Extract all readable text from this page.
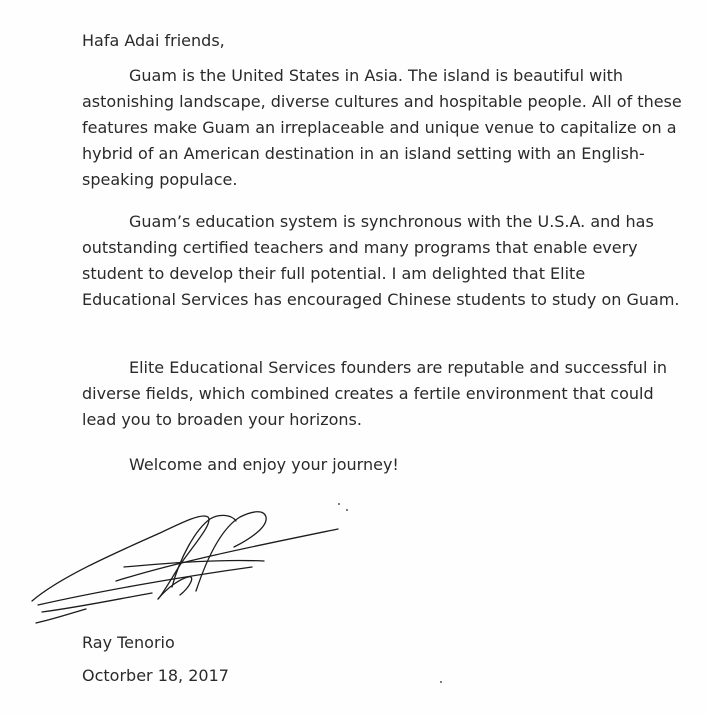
Hafa Adai friends,

Guam is the United States in Asia. The island is beautiful with astonishing landscape, diverse cultures and hospitable people. All of these features make Guam an irreplaceable and unique venue to capitalize on a hybrid of an American destination in an island setting with an English-speaking populace.

Guam’s education system is synchronous with the U.S.A. and has outstanding certified teachers and many programs that enable every student to develop their full potential. I am delighted that Elite Educational Services has encouraged Chinese students to study on Guam.

Elite Educational Services founders are reputable and successful in diverse fields, which combined creates a fertile environment that could lead you to broaden your horizons.

Welcome and enjoy your journey!
Ray Tenorio
Octorber 18, 2017
